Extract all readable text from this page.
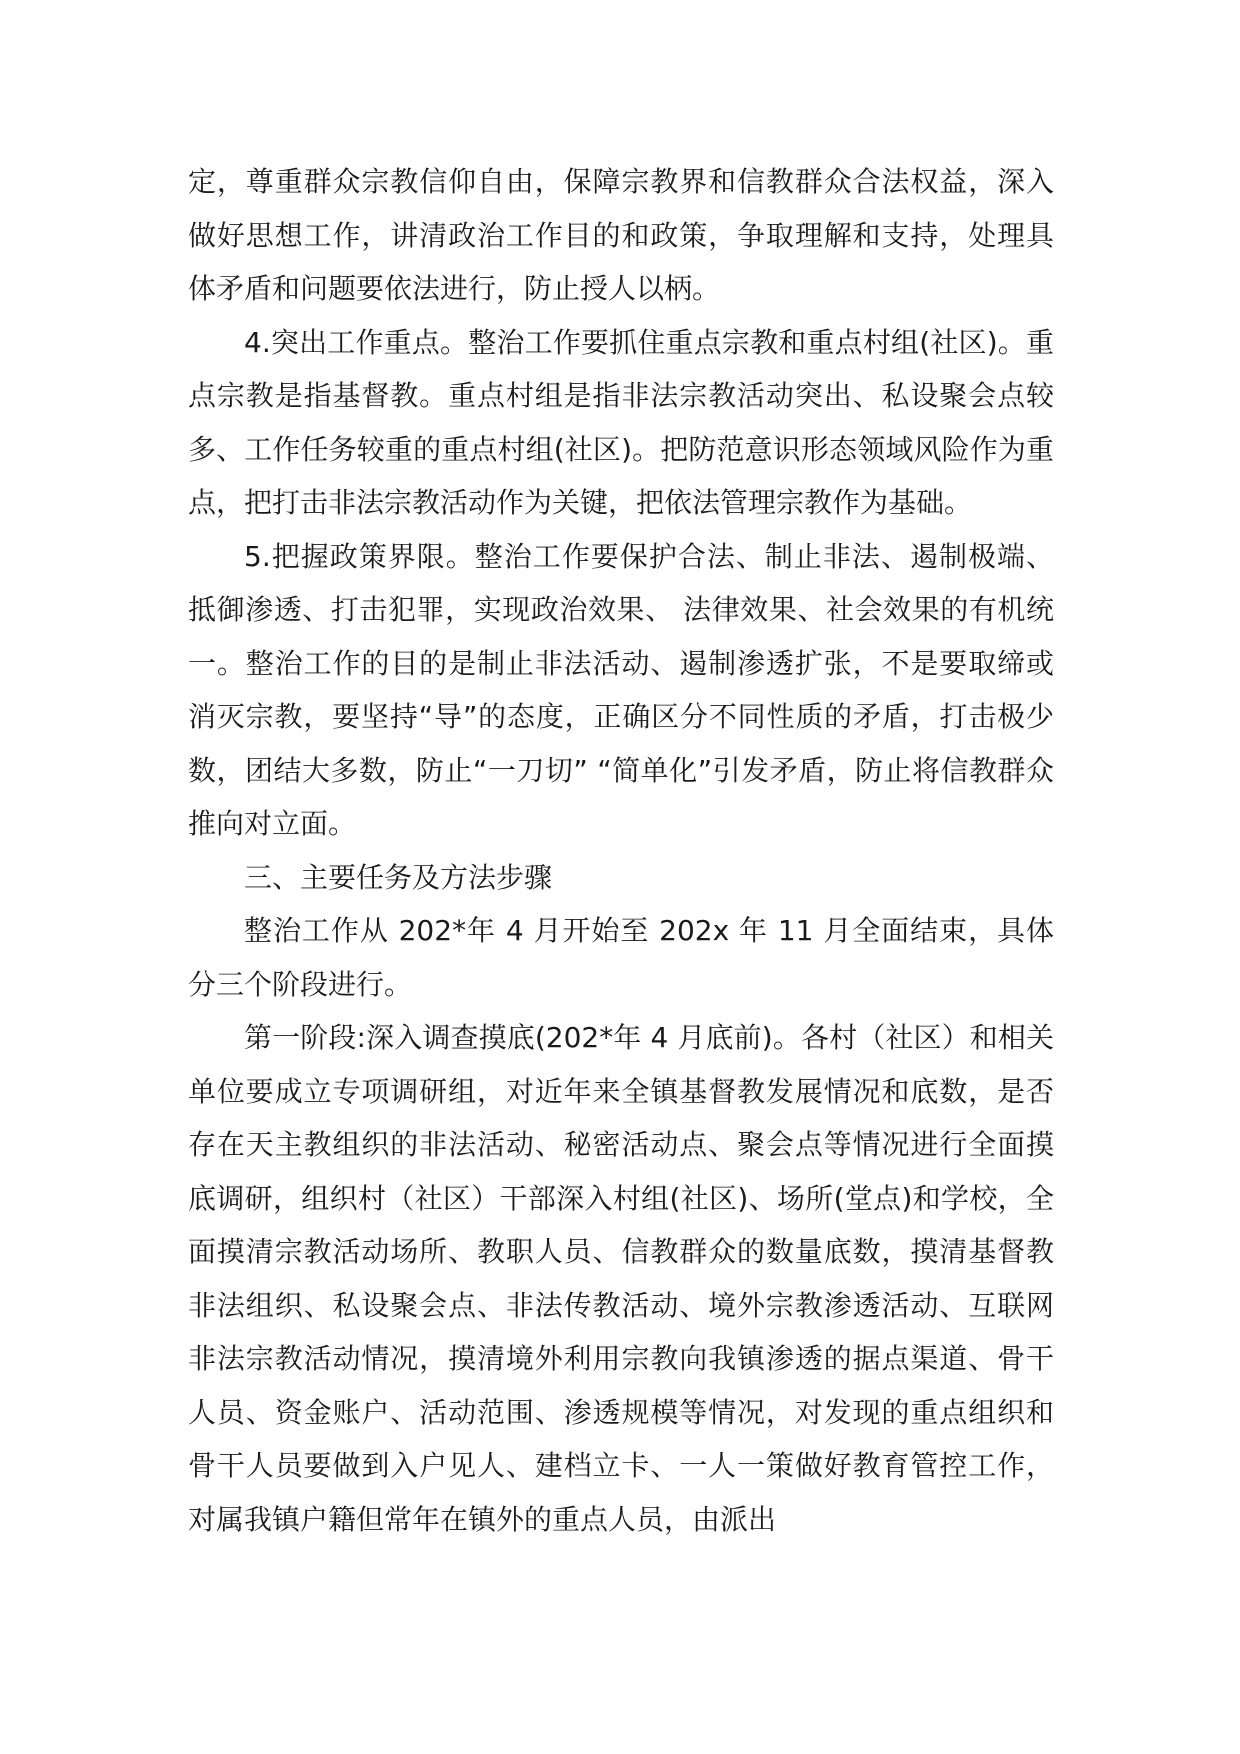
定，尊重群众宗教信仰自由，保障宗教界和信教群众合法权益，深入做好思想工作，讲清政治工作目的和政策，争取理解和支持，处理具体矛盾和问题要依法进行，防止授人以柄。

4.突出工作重点。整治工作要抓住重点宗教和重点村组(社区)。重点宗教是指基督教。重点村组是指非法宗教活动突出、私设聚会点较多、工作任务较重的重点村组(社区)。把防范意识形态领域风险作为重点，把打击非法宗教活动作为关键，把依法管理宗教作为基础。

5.把握政策界限。整治工作要保护合法、制止非法、遏制极端、抵御渗透、打击犯罪，实现政治效果、 法律效果、社会效果的有机统一。整治工作的目的是制止非法活动、遏制渗透扩张，不是要取缔或消灭宗教，要坚持“导”的态度，正确区分不同性质的矛盾，打击极少数，团结大多数，防止“一刀切” “简单化”引发矛盾，防止将信教群众推向对立面。

三、主要任务及方法步骤

整治工作从 202*年 4 月开始至 202x 年 11 月全面结束，具体分三个阶段进行。

第一阶段:深入调查摸底(202*年 4 月底前)。各村（社区）和相关单位要成立专项调研组，对近年来全镇基督教发展情况和底数，是否存在天主教组织的非法活动、秘密活动点、聚会点等情况进行全面摸底调研，组织村（社区）干部深入村组(社区)、场所(堂点)和学校，全面摸清宗教活动场所、教职人员、信教群众的数量底数，摸清基督教非法组织、私设聚会点、非法传教活动、境外宗教渗透活动、互联网非法宗教活动情况，摸清境外利用宗教向我镇渗透的据点渠道、骨干人员、资金账户、活动范围、渗透规模等情况，对发现的重点组织和骨干人员要做到入户见人、建档立卡、一人一策做好教育管控工作，对属我镇户籍但常年在镇外的重点人员，由派出
